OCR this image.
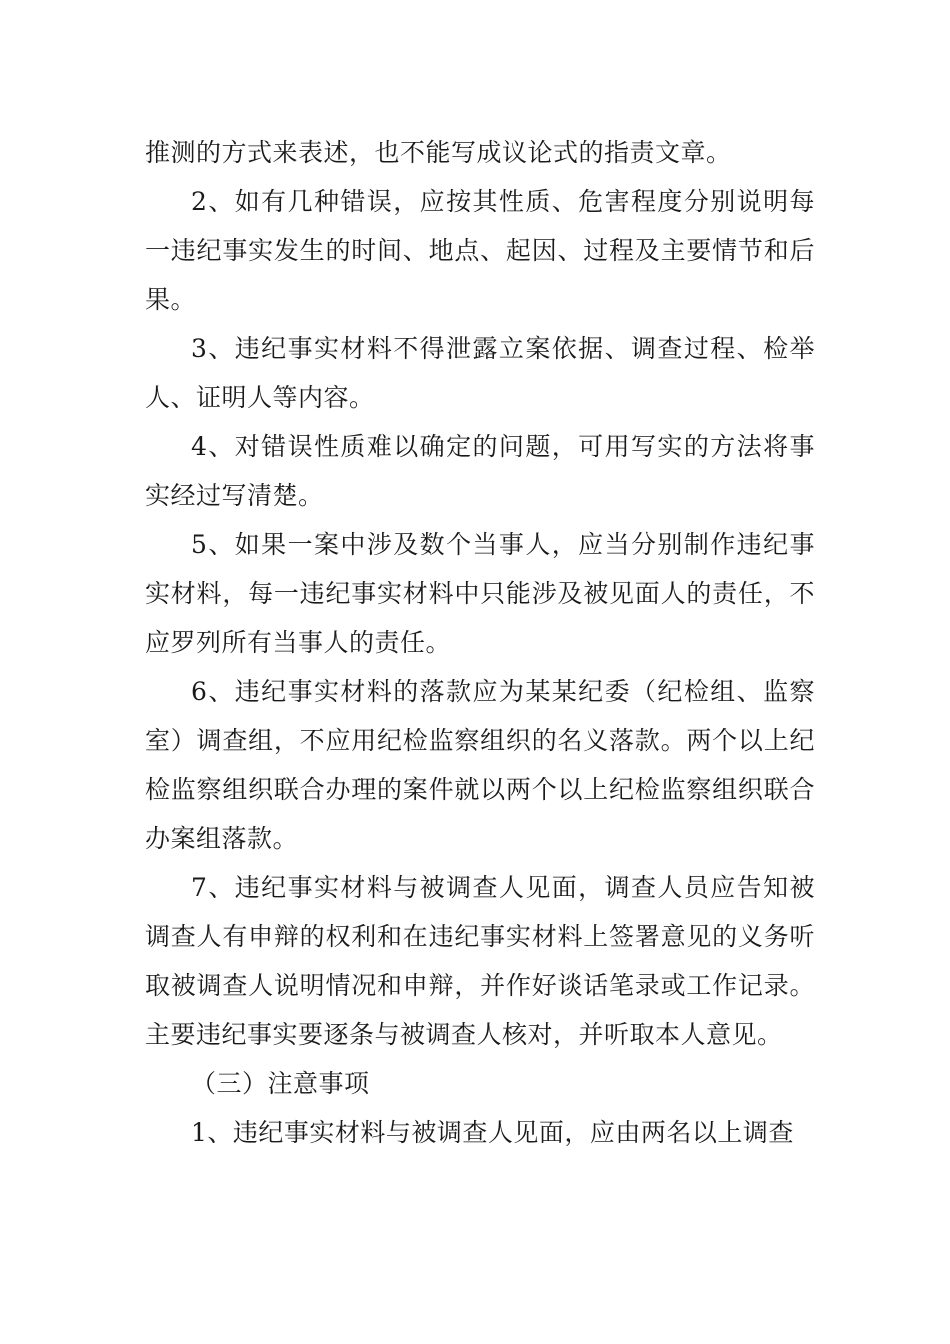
推测的方式来表述，也不能写成议论式的指责文章。

2、如有几种错误，应按其性质、危害程度分别说明每一违纪事实发生的时间、地点、起因、过程及主要情节和后果。

3、违纪事实材料不得泄露立案依据、调查过程、检举人、证明人等内容。

4、对错误性质难以确定的问题，可用写实的方法将事实经过写清楚。

5、如果一案中涉及数个当事人，应当分别制作违纪事实材料，每一违纪事实材料中只能涉及被见面人的责任，不应罗列所有当事人的责任。

6、违纪事实材料的落款应为某某纪委（纪检组、监察室）调查组，不应用纪检监察组织的名义落款。两个以上纪检监察组织联合办理的案件就以两个以上纪检监察组织联合办案组落款。

7、违纪事实材料与被调查人见面，调查人员应告知被调查人有申辩的权利和在违纪事实材料上签署意见的义务听取被调查人说明情况和申辩，并作好谈话笔录或工作记录。主要违纪事实要逐条与被调查人核对，并听取本人意见。

（三）注意事项

1、违纪事实材料与被调查人见面，应由两名以上调查
